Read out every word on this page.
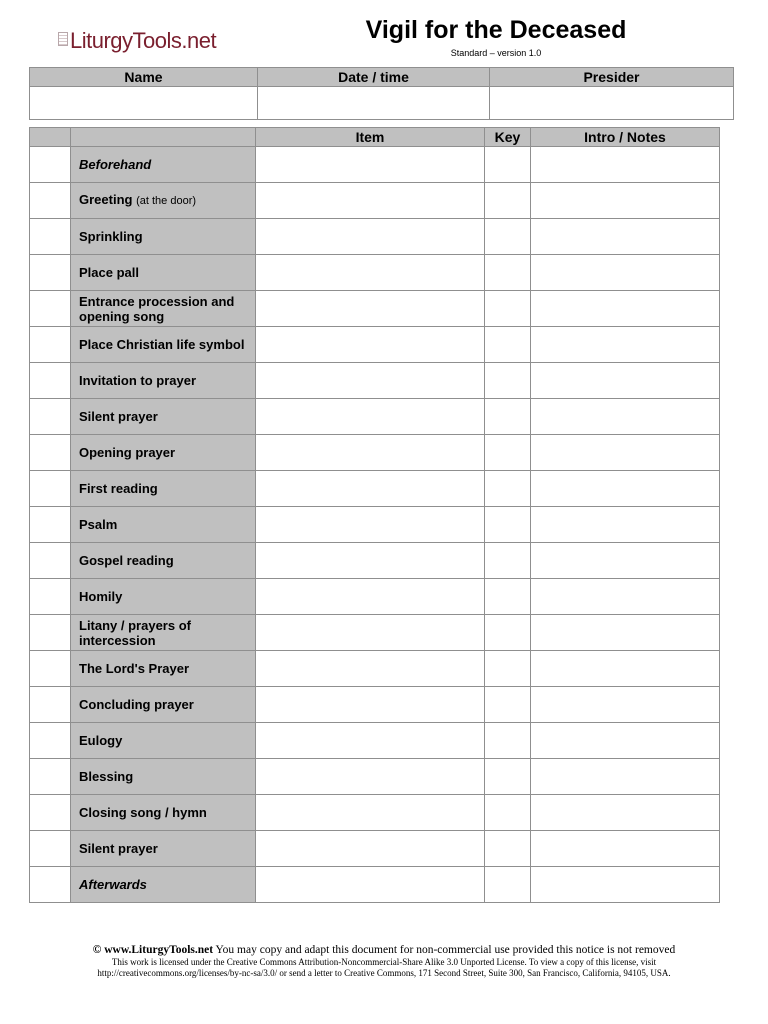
LiturgyTools.net	Vigil for the Deceased
Standard – version 1.0
Name	Date / time	Presider

		Item	Key	Intro / Notes
	Beforehand			
	Greeting (at the door)			
	Sprinkling			
	Place pall			
	Entrance procession and opening song			
	Place Christian life symbol			
	Invitation to prayer			
	Silent prayer			
	Opening prayer			
	First reading			
	Psalm			
	Gospel reading			
	Homily			
	Litany / prayers of intercession			
	The Lord's Prayer			
	Concluding prayer			
	Eulogy			
	Blessing			
	Closing song / hymn			
	Silent prayer			
	Afterwards			
© www.LiturgyTools.net You may copy and adapt this document for non-commercial use provided this notice is not removed
This work is licensed under the Creative Commons Attribution-Noncommercial-Share Alike 3.0 Unported License. To view a copy of this license, visit
http://creativecommons.org/licenses/by-nc-sa/3.0/ or send a letter to Creative Commons, 171 Second Street, Suite 300, San Francisco, California, 94105, USA.
